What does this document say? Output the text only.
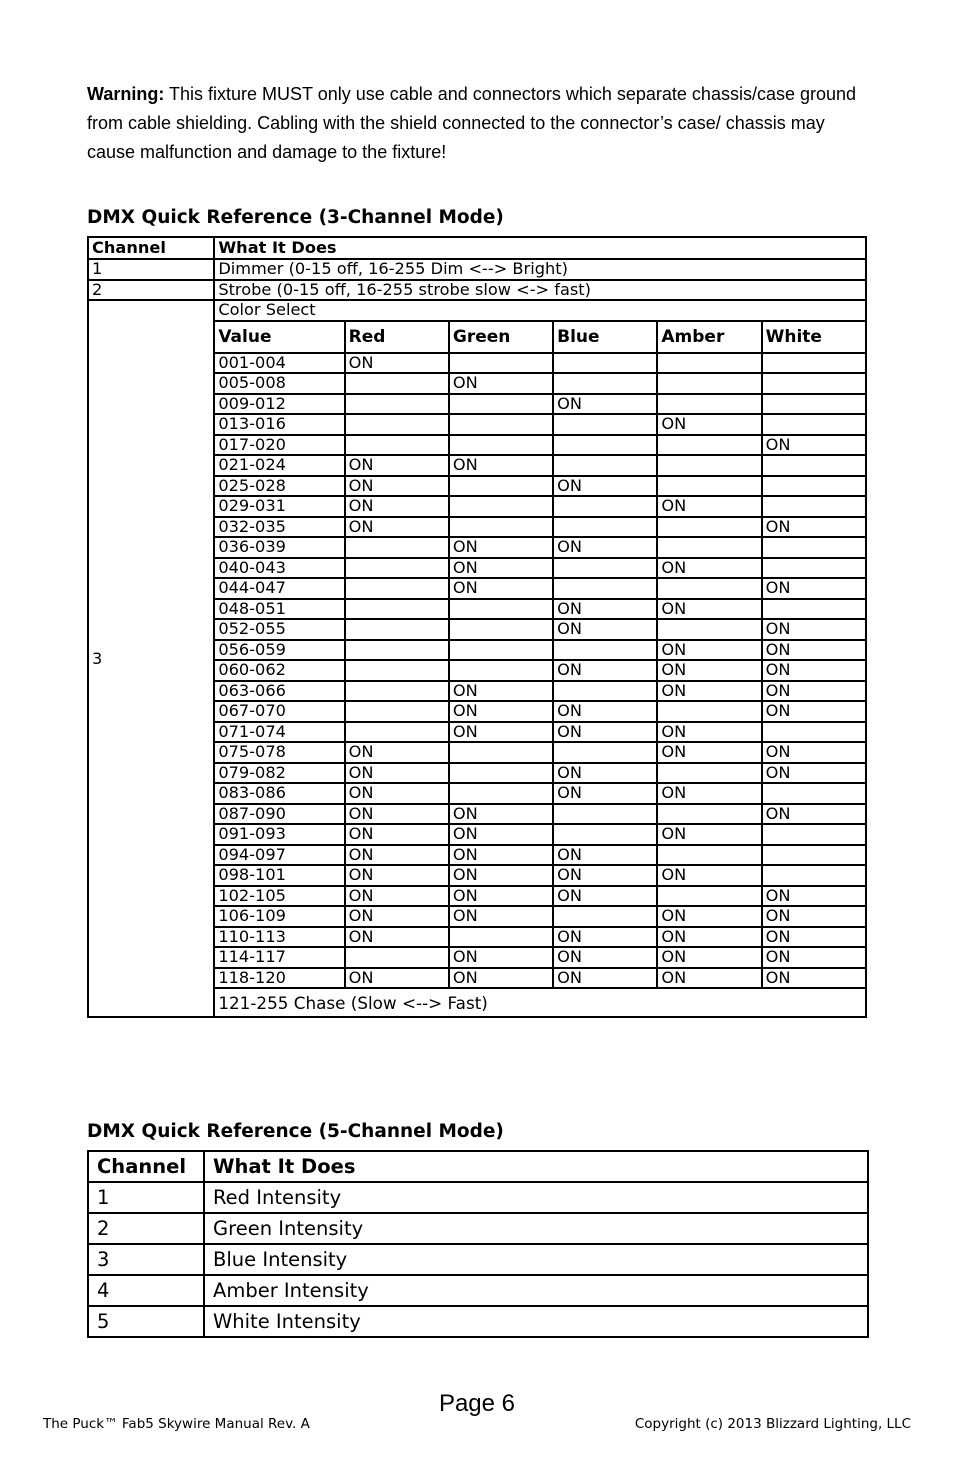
Warning: This fixture MUST only use cable and connectors which separate chassis/case ground from cable shielding. Cabling with the shield connected to the connector’s case/ chassis may cause malfunction and damage to the fixture!
DMX Quick Reference (3-Channel Mode)
Channel	What It Does					
1	Dimmer (0-15 off, 16-255 Dim <--> Bright)					
2	Strobe (0-15 off, 16-255 strobe slow <-> fast)					
3	Color Select					
	Value	Red	Green	Blue	Amber	White
	001-004	ON				
	005-008		ON			
	009-012			ON		
	013-016				ON	
	017-020					ON
	021-024	ON	ON			
	025-028	ON		ON		
	029-031	ON			ON	
	032-035	ON				ON
	036-039		ON	ON		
	040-043		ON		ON	
	044-047		ON			ON
	048-051			ON	ON	
	052-055			ON		ON
	056-059				ON	ON
	060-062			ON	ON	ON
	063-066		ON		ON	ON
	067-070		ON	ON		ON
	071-074		ON	ON	ON	
	075-078	ON			ON	ON
	079-082	ON		ON		ON
	083-086	ON		ON	ON	
	087-090	ON	ON			ON
	091-093	ON	ON		ON	
	094-097	ON	ON	ON		
	098-101	ON	ON	ON	ON	
	102-105	ON	ON	ON		ON
	106-109	ON	ON		ON	ON
	110-113	ON		ON	ON	ON
	114-117		ON	ON	ON	ON
	118-120	ON	ON	ON	ON	ON
	121-255 Chase (Slow <--> Fast)					
DMX Quick Reference (5-Channel Mode)
Channel	What It Does
1	Red Intensity
2	Green Intensity
3	Blue Intensity
4	Amber Intensity
5	White Intensity
Page 6
The Puck™ Fab5 Skywire Manual Rev. A	Copyright (c) 2013 Blizzard Lighting, LLC
